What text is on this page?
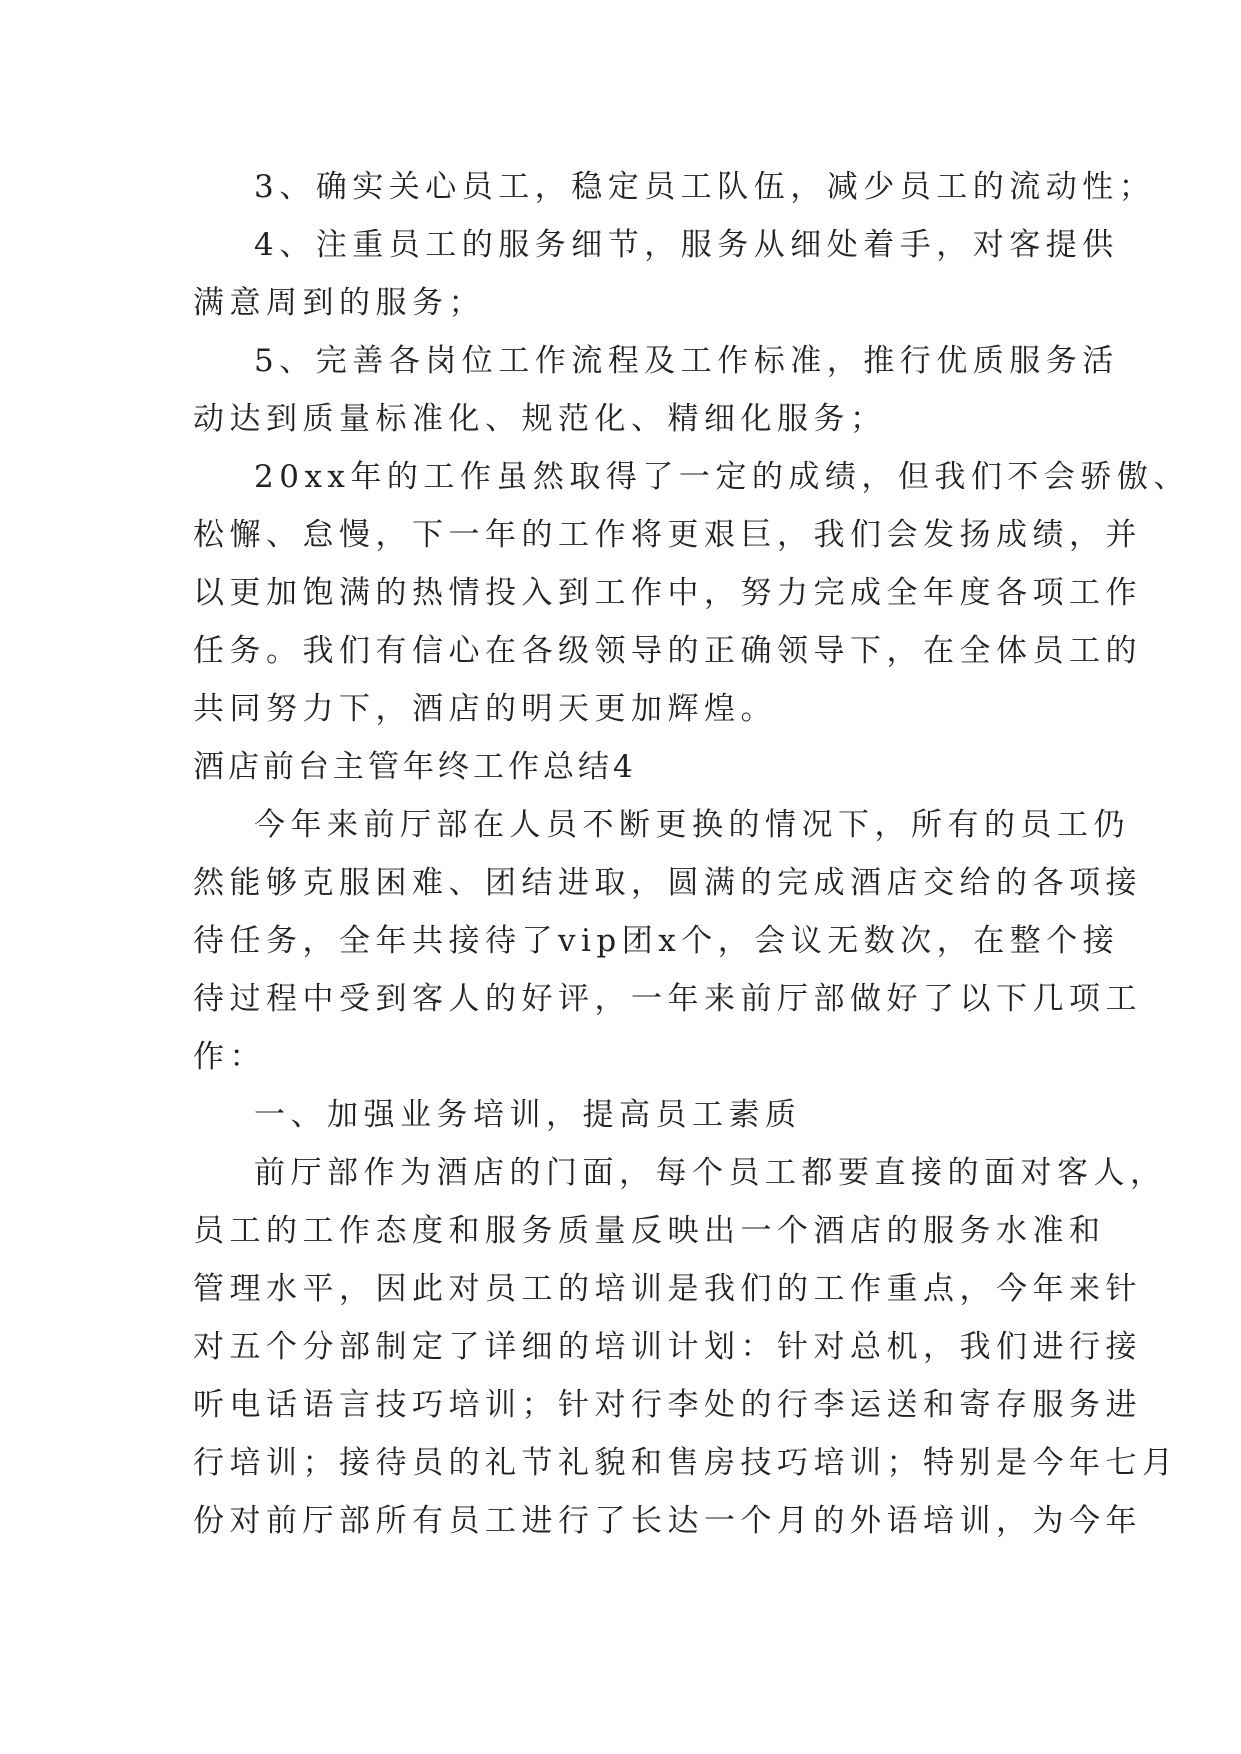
3、确实关心员工，稳定员工队伍，减少员工的流动性；
4、注重员工的服务细节，服务从细处着手，对客提供
满意周到的服务；
5、完善各岗位工作流程及工作标准，推行优质服务活
动达到质量标准化、规范化、精细化服务；
20xx年的工作虽然取得了一定的成绩，但我们不会骄傲、
松懈、怠慢，下一年的工作将更艰巨，我们会发扬成绩，并
以更加饱满的热情投入到工作中，努力完成全年度各项工作
任务。我们有信心在各级领导的正确领导下，在全体员工的
共同努力下，酒店的明天更加辉煌。
酒店前台主管年终工作总结4
今年来前厅部在人员不断更换的情况下，所有的员工仍
然能够克服困难、团结进取，圆满的完成酒店交给的各项接
待任务，全年共接待了vip团x个，会议无数次，在整个接
待过程中受到客人的好评，一年来前厅部做好了以下几项工
作：
一、加强业务培训，提高员工素质
前厅部作为酒店的门面，每个员工都要直接的面对客人，
员工的工作态度和服务质量反映出一个酒店的服务水准和
管理水平，因此对员工的培训是我们的工作重点，今年来针
对五个分部制定了详细的培训计划：针对总机，我们进行接
听电话语言技巧培训；针对行李处的行李运送和寄存服务进
行培训；接待员的礼节礼貌和售房技巧培训；特别是今年七月
份对前厅部所有员工进行了长达一个月的外语培训，为今年
